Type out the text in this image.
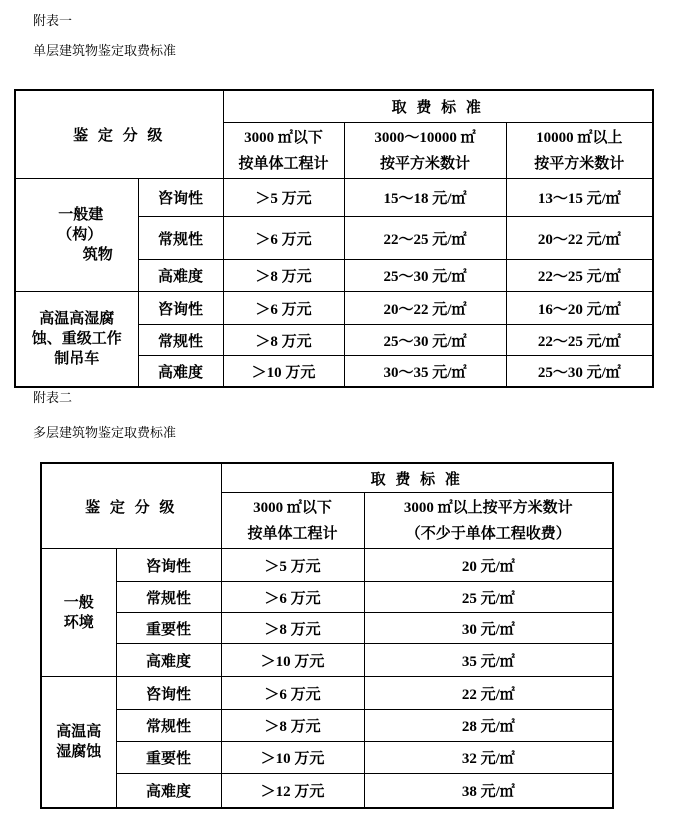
附表一
单层建筑物鉴定取费标准
鉴 定 分 级		取 费 标 准		

3000 ㎡以下
按单体工程计

3000～10000 ㎡
按平方米数计

10000 ㎡以上
按平方米数计

一般建
（构）
筑物	咨询性	＞5 万元	15～18 元/㎡	13～15 元/㎡
	常规性	＞6 万元	22～25 元/㎡	20～22 元/㎡
	高难度	＞8 万元	25～30 元/㎡	22～25 元/㎡

高温高湿腐
蚀、重级工作
制吊车	咨询性	＞6 万元	20～22 元/㎡	16～20 元/㎡
	常规性	＞8 万元	25～30 元/㎡	22～25 元/㎡
	高难度	＞10 万元	30～35 元/㎡	25～30 元/㎡
附表二
多层建筑物鉴定取费标准
鉴 定 分 级		取 费 标 准	

3000 ㎡以下
按单体工程计

3000 ㎡以上按平方米数计
（不少于单体工程收费）

一般
环境	咨询性	＞5 万元	20 元/㎡
	常规性	＞6 万元	25 元/㎡
	重要性	＞8 万元	30 元/㎡
	高难度	＞10 万元	35 元/㎡

高温高
湿腐蚀	咨询性	＞6 万元	22 元/㎡
	常规性	＞8 万元	28 元/㎡
	重要性	＞10 万元	32 元/㎡
	高难度	＞12 万元	38 元/㎡
